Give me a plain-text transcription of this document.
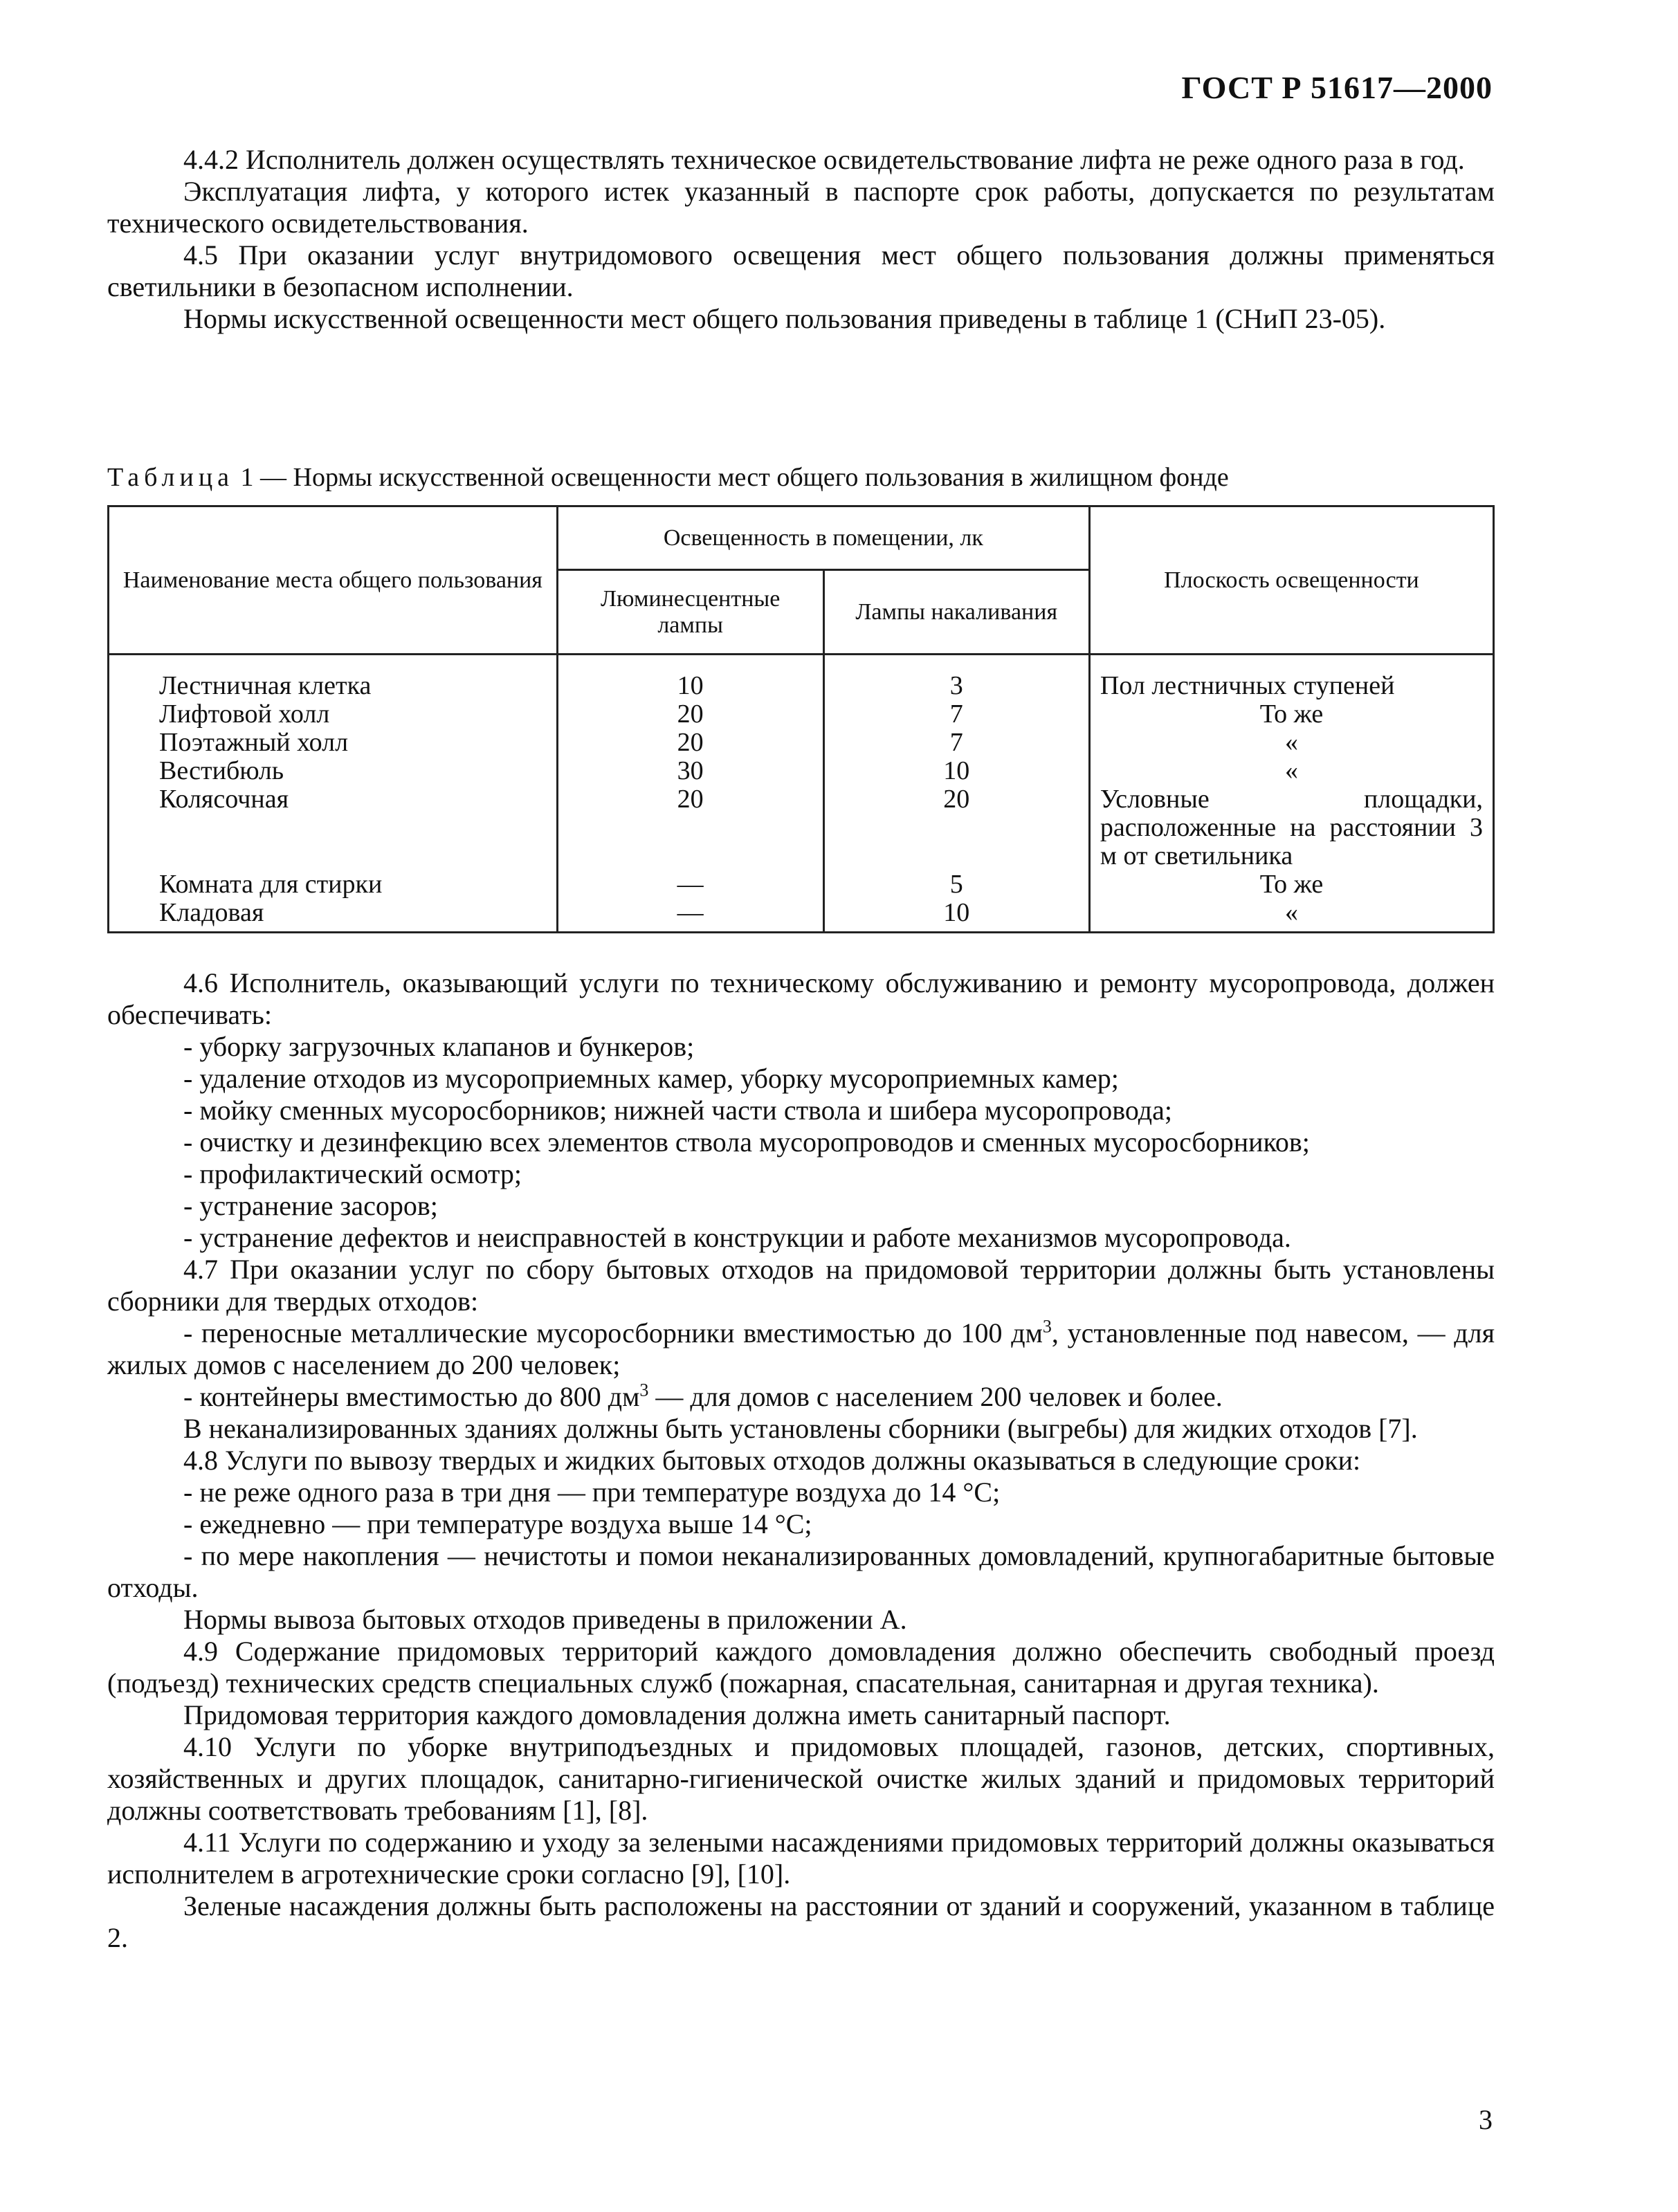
ГОСТ Р 51617—2000

4.4.2 Исполнитель должен осуществлять техническое освидетельствование лифта не реже одного раза в год.

Эксплуатация лифта, у которого истек указанный в паспорте срок работы, допускается по результатам технического освидетельствования.

4.5 При оказании услуг внутридомового освещения мест общего пользования должны применяться светильники в безопасном исполнении.

Нормы искусственной освещенности мест общего пользования приведены в таблице 1 (СНиП 23-05).

Таблица 1 — Нормы искусственной освещенности мест общего пользования в жилищном фонде
Наименование места общего пользования	Освещенность в помещении, лк		Плоскость освещенности
	Люминесцентные лампы	Лампы накаливания	
Лестничная клетка	10	3	Пол лестничных ступеней
Лифтовой холл	20	7	То же
Поэтажный холл	20	7	«
Вестибюль	30	10	«
Колясочная	20	20	Условные площадки, расположенные на расстоянии 3 м от светильника
Комната для стирки	—	5	То же
Кладовая	—	10	«

4.6 Исполнитель, оказывающий услуги по техническому обслуживанию и ремонту мусоропровода, должен обеспечивать:

- уборку загрузочных клапанов и бункеров;

- удаление отходов из мусороприемных камер, уборку мусороприемных камер;

- мойку сменных мусоросборников; нижней части ствола и шибера мусоропровода;

- очистку и дезинфекцию всех элементов ствола мусоропроводов и сменных мусоросборников;

- профилактический осмотр;

- устранение засоров;

- устранение дефектов и неисправностей в конструкции и работе механизмов мусоропровода.

4.7 При оказании услуг по сбору бытовых отходов на придомовой территории должны быть установлены сборники для твердых отходов:

- переносные металлические мусоросборники вместимостью до 100 $дм^3$, установленные под навесом, — для жилых домов с населением до 200 человек;

- контейнеры вместимостью до 800 $дм^3$ — для домов с населением 200 человек и более.

В неканализированных зданиях должны быть установлены сборники (выгребы) для жидких отходов [7].

4.8 Услуги по вывозу твердых и жидких бытовых отходов должны оказываться в следующие сроки:

- не реже одного раза в три дня — при температуре воздуха до 14 °С;

- ежедневно — при температуре воздуха выше 14 °С;

- по мере накопления — нечистоты и помои неканализированных домовладений, крупногабаритные бытовые отходы.

Нормы вывоза бытовых отходов приведены в приложении А.

4.9 Содержание придомовых территорий каждого домовладения должно обеспечить свободный проезд (подъезд) технических средств специальных служб (пожарная, спасательная, санитарная и другая техника).

Придомовая территория каждого домовладения должна иметь санитарный паспорт.

4.10 Услуги по уборке внутриподъездных и придомовых площадей, газонов, детских, спортивных, хозяйственных и других площадок, санитарно-гигиенической очистке жилых зданий и придомовых территорий должны соответствовать требованиям [1], [8].

4.11 Услуги по содержанию и уходу за зелеными насаждениями придомовых территорий должны оказываться исполнителем в агротехнические сроки согласно [9], [10].

Зеленые насаждения должны быть расположены на расстоянии от зданий и сооружений, указанном в таблице 2.

3
